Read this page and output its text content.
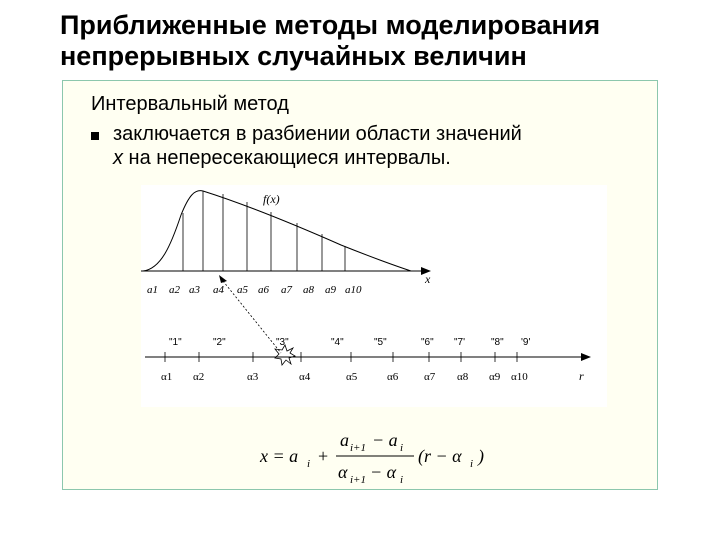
Приближенные методы моделирования
непрерывных случайных величин
Интервальный метод
заключается в разбиении области значений
x на непересекающиеся интервалы.
f(x)
x
a1 a2 a3 a4 a5 a6 a7 a8 a9 a10
"1"	"2"	"3"	"4"	"5"	"6" "7'	"8" '9'
α1 α2	α3	α4	α5	α6 α7 α8 α9 α10	r
x = a i +
a i+1 − a i
α i+1 − α i
(r − α i )
